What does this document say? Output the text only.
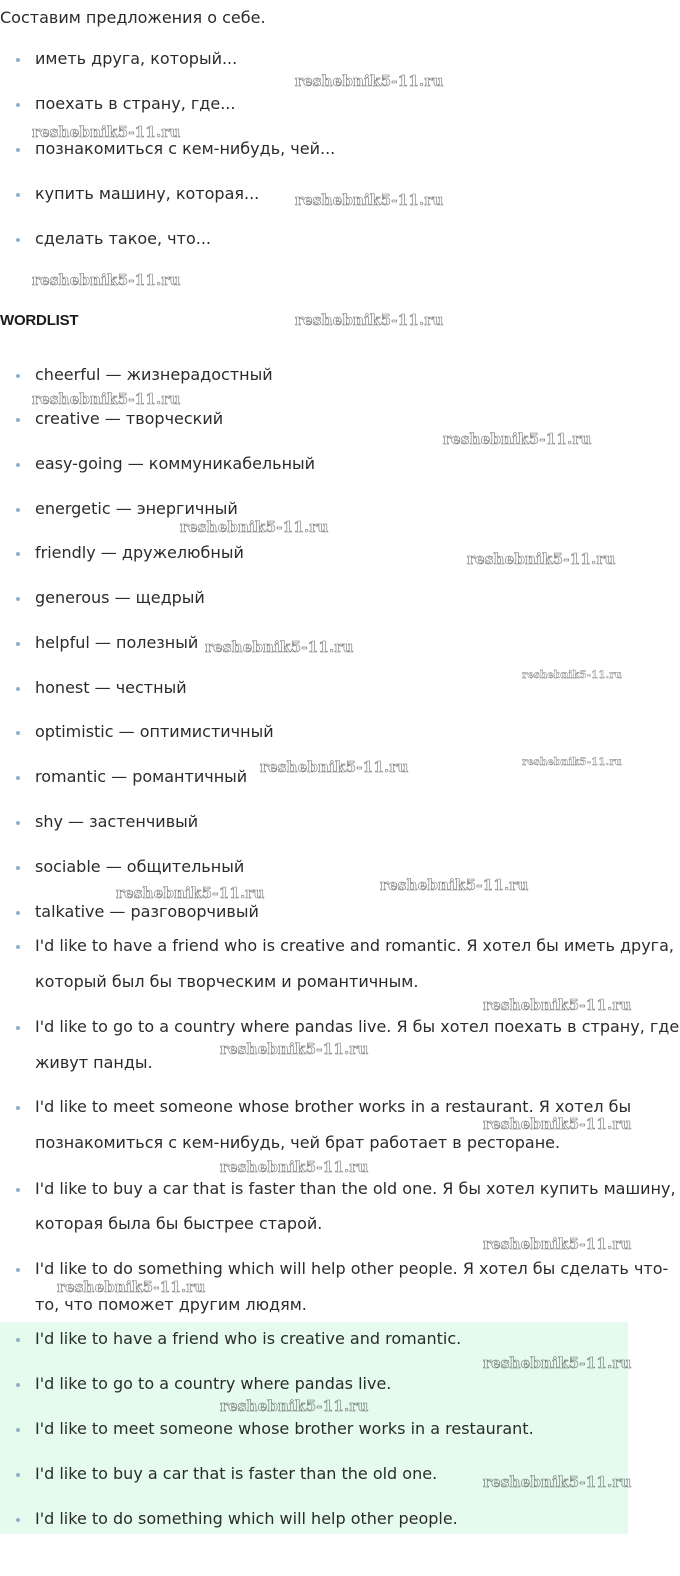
Составим предложения о себе.
иметь друга, который...
поехать в страну, где...
познакомиться с кем-нибудь, чей...
купить машину, которая...
сделать такое, что...
WORDLIST
cheerful — жизнерадостный
creative — творческий
easy-going — коммуникабельный
energetic — энергичный
friendly — дружелюбный
generous — щедрый
helpful — полезный
honest — честный
optimistic — оптимистичный
romantic — романтичный
shy — застенчивый
sociable — общительный
talkative — разговорчивый
I'd like to have a friend who is creative and romantic. Я хотел бы иметь друга,
который был бы творческим и романтичным.
I'd like to go to a country where pandas live. Я бы хотел поехать в страну, где
живут панды.
I'd like to meet someone whose brother works in a restaurant. Я хотел бы
познакомиться с кем-нибудь, чей брат работает в ресторане.
I'd like to buy a car that is faster than the old one. Я бы хотел купить машину,
которая была бы быстрее старой.
I'd like to do something which will help other people. Я хотел бы сделать что-
то, что поможет другим людям.
I'd like to have a friend who is creative and romantic.
I'd like to go to a country where pandas live.
I'd like to meet someone whose brother works in a restaurant.
I'd like to buy a car that is faster than the old one.
I'd like to do something which will help other people.
reshebnik5-11.ru
reshebnik5-11.ru
reshebnik5-11.ru
reshebnik5-11.ru
reshebnik5-11.ru
reshebnik5-11.ru
reshebnik5-11.ru
reshebnik5-11.ru
reshebnik5-11.ru
reshebnik5-11.ru
reshebnik5-11.ru
reshebnik5-11.ru	reshebnik5-11.ru
reshebnik5-11.ru
reshebnik5-11.ru
reshebnik5-11.ru
reshebnik5-11.ru
reshebnik5-11.ru
reshebnik5-11.ru
reshebnik5-11.ru
reshebnik5-11.ru
